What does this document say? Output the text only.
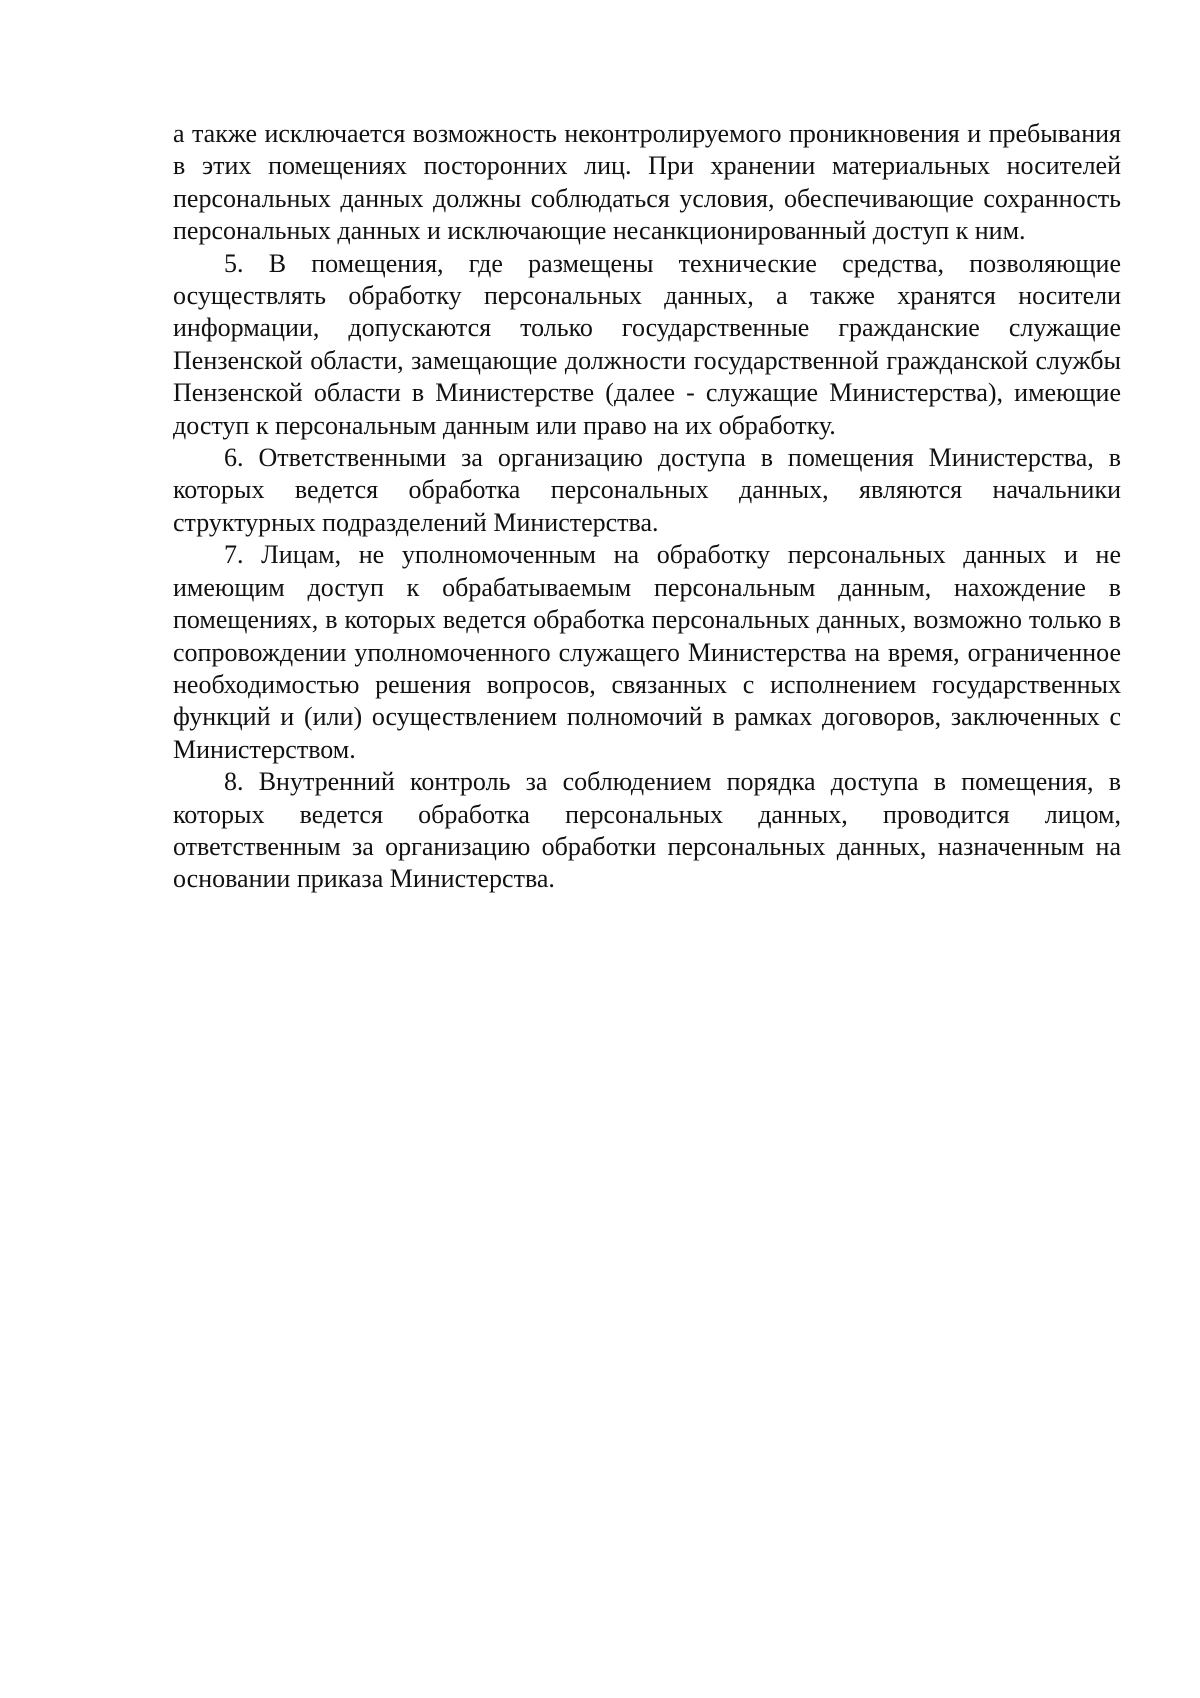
а также исключается возможность неконтролируемого проникновения и пребывания в этих помещениях посторонних лиц. При хранении материальных носителей персональных данных должны соблюдаться условия, обеспечивающие сохранность персональных данных и исключающие несанкционированный доступ к ним.

5. В помещения, где размещены технические средства, позволяющие осуществлять обработку персональных данных, а также хранятся носители информации, допускаются только государственные гражданские служащие Пензенской области, замещающие должности государственной гражданской службы Пензенской области в Министерстве (далее - служащие Министерства), имеющие доступ к персональным данным или право на их обработку.

6. Ответственными за организацию доступа в помещения Министерства, в которых ведется обработка персональных данных, являются начальники структурных подразделений Министерства.

7. Лицам, не уполномоченным на обработку персональных данных и не имеющим доступ к обрабатываемым персональным данным, нахождение в помещениях, в которых ведется обработка персональных данных, возможно только в сопровождении уполномоченного служащего Министерства на время, ограниченное необходимостью решения вопросов, связанных с исполнением государственных функций и (или) осуществлением полномочий в рамках договоров, заключенных с Министерством.

8. Внутренний контроль за соблюдением порядка доступа в помещения, в которых ведется обработка персональных данных, проводится лицом, ответственным за организацию обработки персональных данных, назначенным на основании приказа Министерства.
